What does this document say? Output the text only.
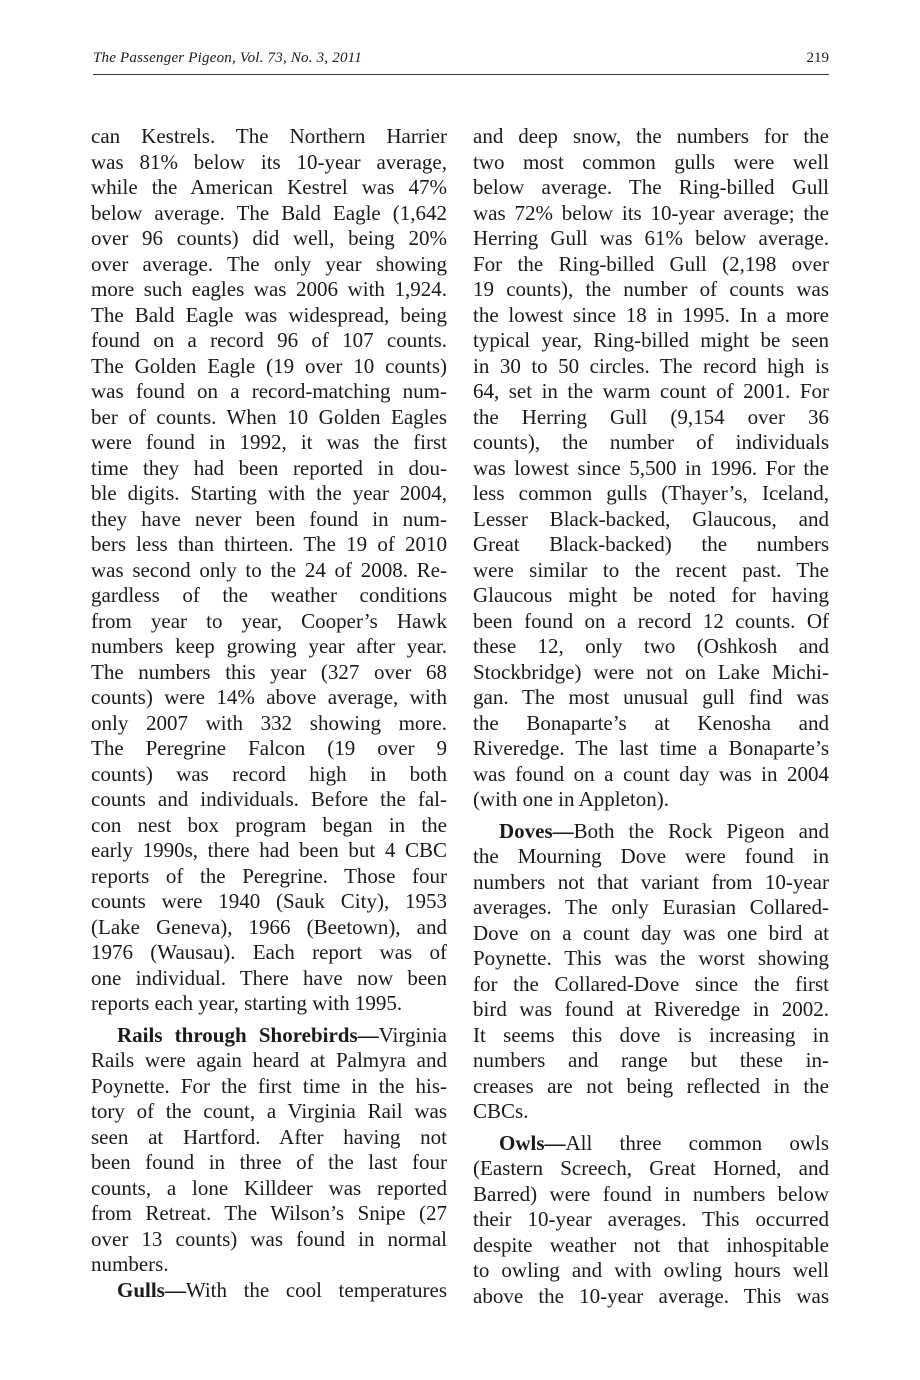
The Passenger Pigeon, Vol. 73, No. 3, 2011	219
can Kestrels. The Northern Harrier
was 81% below its 10-year average,
while the American Kestrel was 47%
below average. The Bald Eagle (1,642
over 96 counts) did well, being 20%
over average. The only year showing
more such eagles was 2006 with 1,924.
The Bald Eagle was widespread, being
found on a record 96 of 107 counts.
The Golden Eagle (19 over 10 counts)
was found on a record-matching num-
ber of counts. When 10 Golden Eagles
were found in 1992, it was the first
time they had been reported in dou-
ble digits. Starting with the year 2004,
they have never been found in num-
bers less than thirteen. The 19 of 2010
was second only to the 24 of 2008. Re-
gardless of the weather conditions
from year to year, Cooper’s Hawk
numbers keep growing year after year.
The numbers this year (327 over 68
counts) were 14% above average, with
only 2007 with 332 showing more.
The Peregrine Falcon (19 over 9
counts) was record high in both
counts and individuals. Before the fal-
con nest box program began in the
early 1990s, there had been but 4 CBC
reports of the Peregrine. Those four
counts were 1940 (Sauk City), 1953
(Lake Geneva), 1966 (Beetown), and
1976 (Wausau). Each report was of
one individual. There have now been
reports each year, starting with 1995.
Rails through Shorebirds—Virginia
Rails were again heard at Palmyra and
Poynette. For the first time in the his-
tory of the count, a Virginia Rail was
seen at Hartford. After having not
been found in three of the last four
counts, a lone Killdeer was reported
from Retreat. The Wilson’s Snipe (27
over 13 counts) was found in normal
numbers.
Gulls—With the cool temperatures
and deep snow, the numbers for the
two most common gulls were well
below average. The Ring-billed Gull
was 72% below its 10-year average; the
Herring Gull was 61% below average.
For the Ring-billed Gull (2,198 over
19 counts), the number of counts was
the lowest since 18 in 1995. In a more
typical year, Ring-billed might be seen
in 30 to 50 circles. The record high is
64, set in the warm count of 2001. For
the Herring Gull (9,154 over 36
counts), the number of individuals
was lowest since 5,500 in 1996. For the
less common gulls (Thayer’s, Iceland,
Lesser Black-backed, Glaucous, and
Great Black-backed) the numbers
were similar to the recent past. The
Glaucous might be noted for having
been found on a record 12 counts. Of
these 12, only two (Oshkosh and
Stockbridge) were not on Lake Michi-
gan. The most unusual gull find was
the Bonaparte’s at Kenosha and
Riveredge. The last time a Bonaparte’s
was found on a count day was in 2004
(with one in Appleton).
Doves—Both the Rock Pigeon and
the Mourning Dove were found in
numbers not that variant from 10-year
averages. The only Eurasian Collared-
Dove on a count day was one bird at
Poynette. This was the worst showing
for the Collared-Dove since the first
bird was found at Riveredge in 2002.
It seems this dove is increasing in
numbers and range but these in-
creases are not being reflected in the
CBCs.
Owls—All three common owls
(Eastern Screech, Great Horned, and
Barred) were found in numbers below
their 10-year averages. This occurred
despite weather not that inhospitable
to owling and with owling hours well
above the 10-year average. This was
